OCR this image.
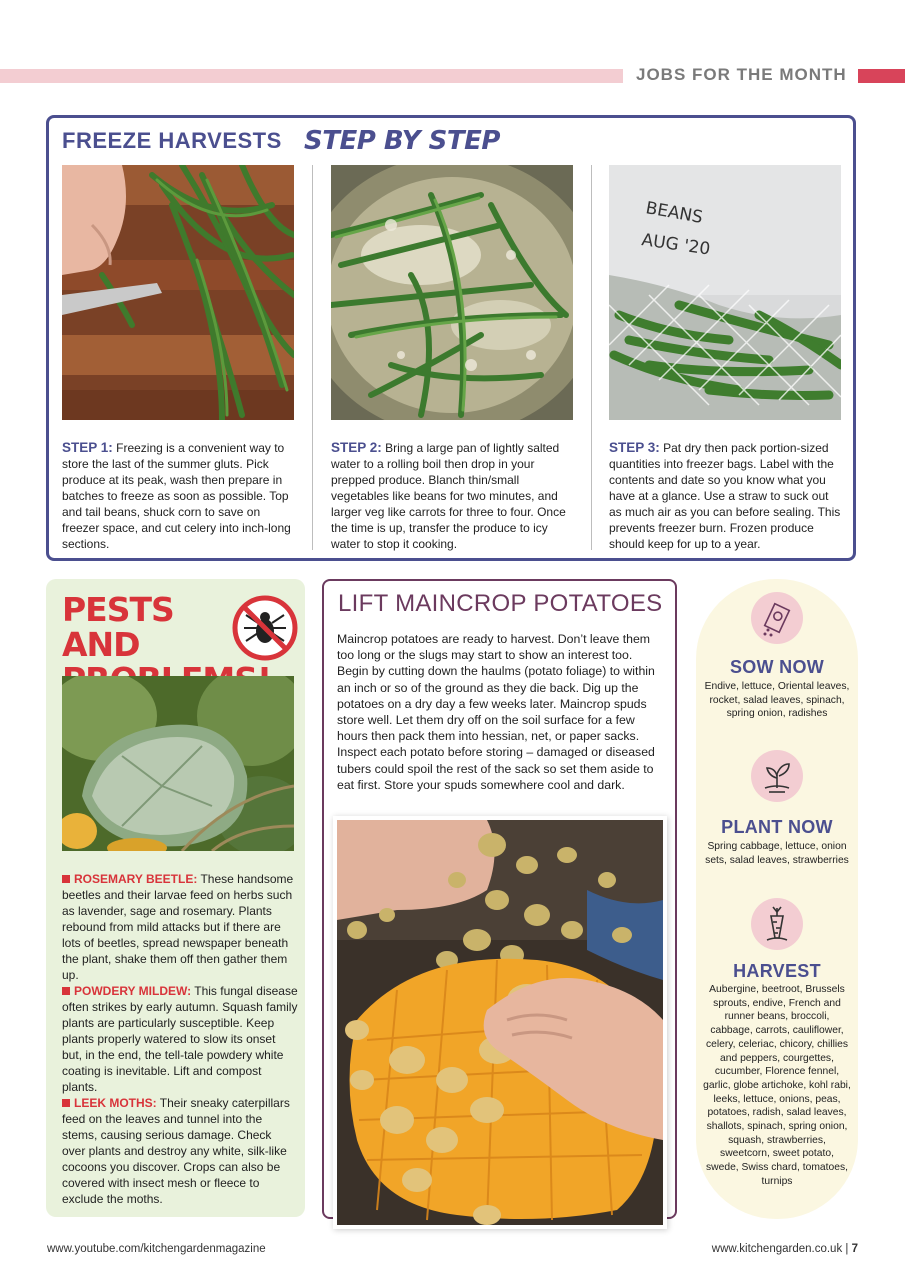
JOBS FOR THE MONTH
FREEZE HARVESTS STEP BY STEP
BEANS
AUG '20
STEP 1: Freezing is a convenient way to store the last of the summer gluts. Pick produce at its peak, wash then prepare in batches to freeze as soon as possible. Top and tail beans, shuck corn to save on freezer space, and cut celery into inch-long sections.
STEP 2: Bring a large pan of lightly salted water to a rolling boil then drop in your prepped produce. Blanch thin/small vegetables like beans for two minutes, and larger veg like carrots for three to four. Once the time is up, transfer the produce to icy water to stop it cooking.
STEP 3: Pat dry then pack portion-sized quantities into freezer bags. Label with the contents and date so you know what you have at a glance. Use a straw to suck out as much air as you can before sealing. This prevents freezer burn. Frozen produce should keep for up to a year.
PESTS AND

ROSEMARY BEETLE: These handsome beetles and their larvae feed on herbs such as lavender, sage and rosemary. Plants rebound from mild attacks but if there are lots of beetles, spread newspaper beneath the plant, shake them off then gather them up.

POWDERY MILDEW: This fungal disease often strikes by early autumn. Squash family plants are particularly susceptible. Keep plants properly watered to slow its onset but, in the end, the tell-tale powdery white coating is inevitable. Lift and compost plants.

LEEK MOTHS: Their sneaky caterpillars feed on the leaves and tunnel into the stems, causing serious damage. Check over plants and destroy any white, silk-like cocoons you discover. Crops can also be covered with insect mesh or fleece to exclude the moths.

LIFT MAINCROP POTATOES
Maincrop potatoes are ready to harvest. Don’t leave them too long or the slugs may start to show an interest too. Begin by cutting down the haulms (potato foliage) to within an inch or so of the ground as they die back. Dig up the potatoes on a dry day a few weeks later. Maincrop spuds store well. Let them dry off on the soil surface for a few hours then pack them into hessian, net, or paper sacks. Inspect each potato before storing – damaged or diseased tubers could spoil the rest of the sack so set them aside to eat first. Store your spuds somewhere cool and dark.
SOW NOW
Endive, lettuce, Oriental leaves, rocket, salad leaves, spinach, spring onion, radishes
PLANT NOW
Spring cabbage, lettuce, onion sets, salad leaves, strawberries
HARVEST
Aubergine, beetroot, Brussels sprouts, endive, French and runner beans, broccoli, cabbage, carrots, cauliflower, celery, celeriac, chicory, chillies and peppers, courgettes, cucumber, Florence fennel, garlic, globe artichoke, kohl rabi, leeks, lettuce, onions, peas, potatoes, radish, salad leaves, shallots, spinach, spring onion, squash, strawberries, sweetcorn, sweet potato, swede, Swiss chard, tomatoes, turnips
www.youtube.com/kitchengardenmagazine	www.kitchengarden.co.uk | 7
